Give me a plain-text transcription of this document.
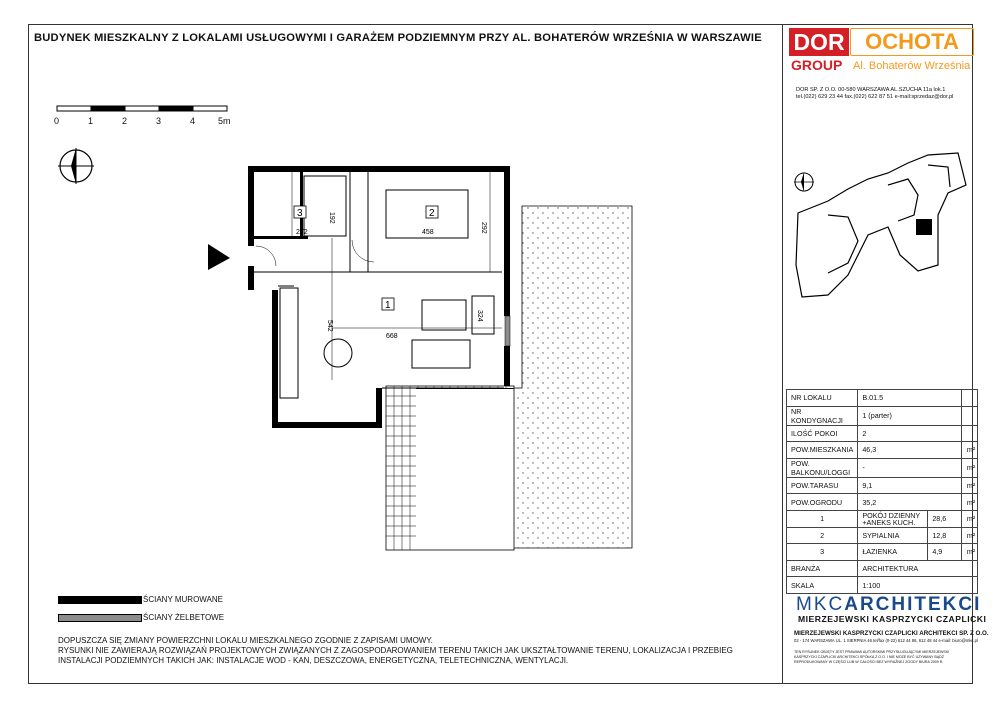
BUDYNEK MIESZKALNY Z LOKALAMI USŁUGOWYMI I GARAŻEM PODZIEMNYM PRZY AL. BOHATERÓW WRZEŚNIA W WARSZAWIE	DOR OCHOTA
GROUP Al. Bohaterów Września
DOR SP. Z O.O. 00-580 WARSZAWA AL.SZUCHA 11a lok.1
tel.(022) 629 23 44 fax.(022) 622 87 51 e-mail:sprzedaz@dor.pl
0	1	2	3	4	5m
1
2
3
272
192
458	292
542
668
324
NR LOKALU	B.01.5		
NR KONDYGNACJI	1 (parter)		
ILOŚĆ POKOI	2		
POW.MIESZKANIA	46,3		m²
POW. BALKONU/LOGGI	-		m²
POW.TARASU	9,1		m²
POW.OGRODU	35,2		m²
1	POKÓJ DZIENNY +ANEKS KUCH.	28,6	m²
2	SYPIALNIA	12,8	m²
3	ŁAZIENKA	4,9	m²
BRANŻA	ARCHITEKTURA		
SKALA	1:100		
MKCARCHITEKCI
MIERZEJEWSKI KASPRZYCKI CZAPLICKI
MIERZEJEWSKI KASPRZYCKI CZAPLICKI ARCHITEKCI SP. Z O.O.
02 - 174 WARSZAWA UL. 1 SIERPNIA 46 tel/fax (0-22) 612 44 86, 612 48 44 e-mail: biuro@mkc.pl
TEN RYSUNEK OBJĘTY JEST PRAWAMI AUTORSKIMI PRZYSŁUGUJĄCYMI MIERZEJEWSKI KASPRZYCKI CZAPLICKI ARCHITEKCI SPÓŁKA Z O.O. I NIE MOŻE BYĆ UŻYWANY BĄDŹ REPRODUKOWANY W CZĘŚCI LUB W CAŁOŚCI BEZ WYRAŹNEJ ZGODY BIURA 2009 R.
ŚCIANY MUROWANE
ŚCIANY ŻELBETOWE
DOPUSZCZA SIĘ ZMIANY POWIERZCHNI LOKALU MIESZKALNEGO ZGODNIE Z ZAPISAMI UMOWY.
RYSUNKI NIE ZAWIERAJĄ ROZWIĄZAŃ PROJEKTOWYCH ZWIĄZANYCH Z ZAGOSPODAROWANIEM TERENU TAKICH JAK UKSZTAŁTOWANIE TERENU, LOKALIZACJA I PRZEBIEG
INSTALACJI PODZIEMNYCH TAKICH JAK: INSTALACJE WOD - KAN, DESZCZOWA, ENERGETYCZNA, TELETECHNICZNA, WENTYLACJI.
